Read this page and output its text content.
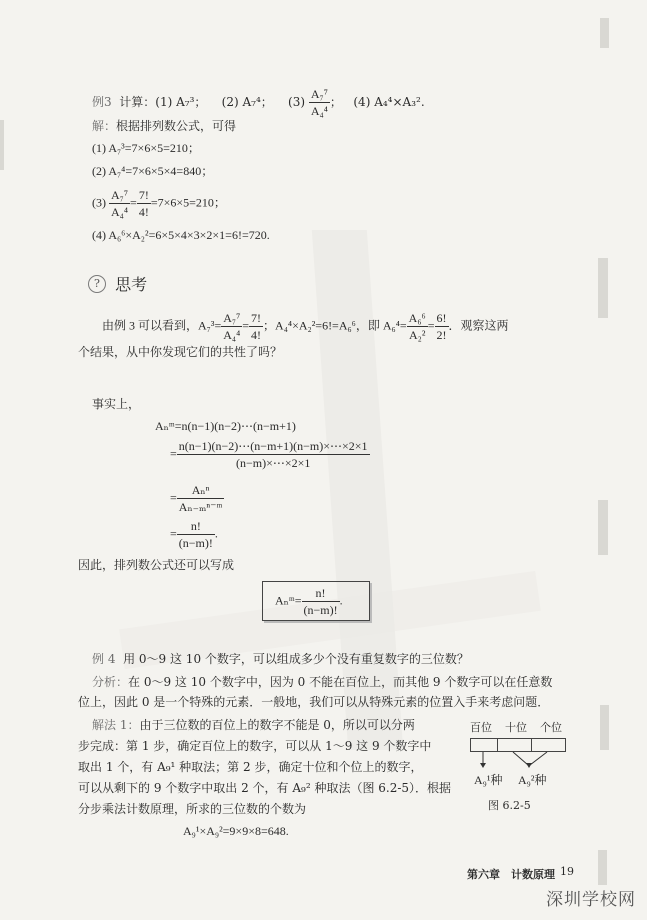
例3 计算：(1) A₇³； (2) A₇⁴； $(3) \frac{\text{A₇⁷}}{\text{A₄⁴}}$ ；   (4) A₄⁴×A₃².
解：根据排列数公式，可得
(1) A₇³=7×6×5=210；
(2) A₇⁴=7×6×5×4=840；
$(3) \frac{\text{A₇⁷}}{\text{A₄⁴}} = \frac{7!}{4!} =7\times 6\times 5=210$；
(4) A₆⁶×A₂²=6×5×4×3×2×1=6!=720.
? 思考
由例 3 可以看到，$A_7^3= \frac{\text{A₇⁷}}{\text{A₄⁴}} = \frac{7!}{4!}$ ；A₄⁴×A₂²=6!=A₆⁶，即 $A_6^4= \frac{\text{A₆⁶}}{\text{A₂²}} = \frac{6!}{2!}$ ．观察这两
个结果，从中你发现它们的共性了吗？
事实上，
Aₙᵐ=n(n−1)(n−2)⋯(n−m+1)
= $\frac{n(n-1)(n-2)\cdots(n-m+1)(n-m)\times\cdots\times 2\times 1}{(n-m)\times\cdots\times 2\times 1}$
= $\frac{\text{Aₙⁿ}}{\text{Aₙ₋ₘⁿ⁻ᵐ}}$
= $\frac{n!}{(n-m)!}$ .
因此，排列数公式还可以写成
Aₙᵐ= $\frac{n!}{(n-m)!}$ .
例 4 用 0～9 这 10 个数字，可以组成多少个没有重复数字的三位数？
分析：在 0～9 这 10 个数字中，因为 0 不能在百位上，而其他 9 个数字可以在任意数
位上，因此 0 是一个特殊的元素．一般地，我们可以从特殊元素的位置入手来考虑问题．
解法 1：由于三位数的百位上的数字不能是 0，所以可以分两
步完成：第 1 步，确定百位上的数字，可以从 1～9 这 9 个数字中
取出 1 个，有 A₉¹ 种取法；第 2 步，确定十位和个位上的数字，
可以从剩下的 9 个数字中取出 2 个，有 A₉² 种取法（图 6.2-5）．根据
分步乘法计数原理，所求的三位数的个数为
A₉¹×A₉²=9×9×8=648.
百位 十位 个位
A₉¹种 A₉²种
图 6.2-5
第六章　计数原理 19
深圳学校网
